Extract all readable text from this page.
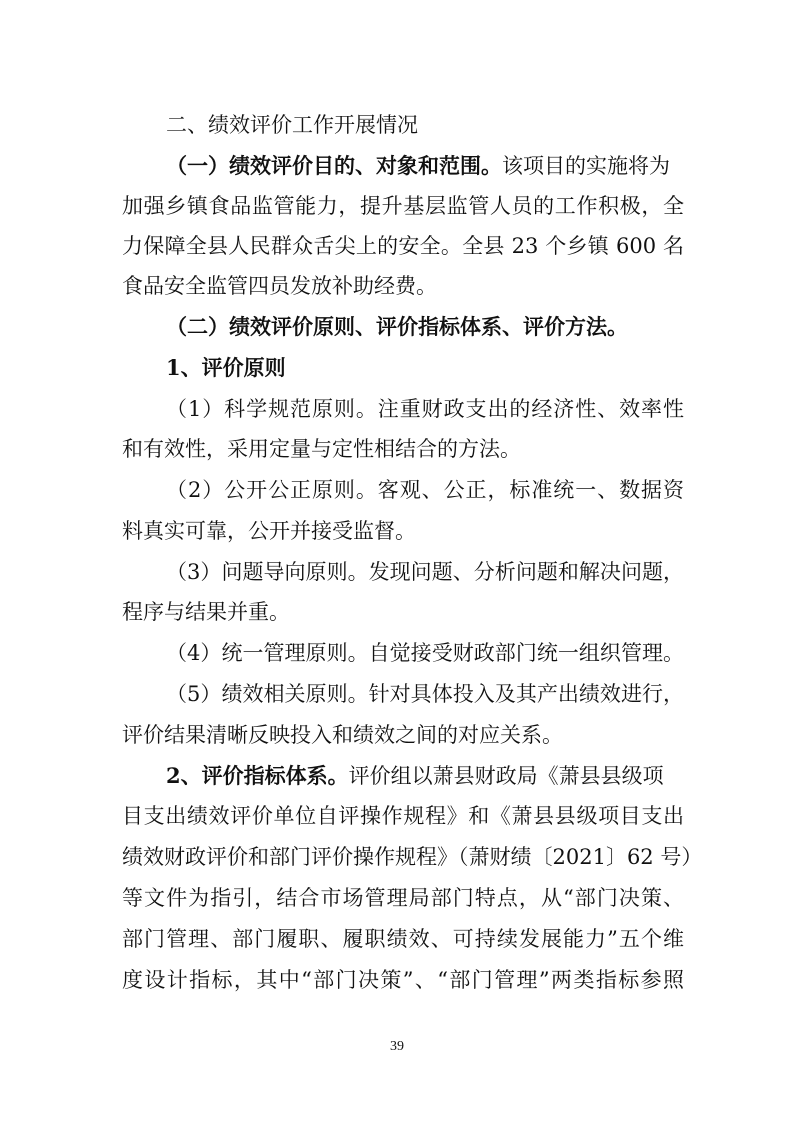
二、绩效评价工作开展情况
（一）绩效评价目的、对象和范围。该项目的实施将为
加强乡镇食品监管能力，提升基层监管人员的工作积极，全
力保障全县人民群众舌尖上的安全。全县 23 个乡镇 600 名
食品安全监管四员发放补助经费。
（二）绩效评价原则、评价指标体系、评价方法。
1、评价原则
（1）科学规范原则。注重财政支出的经济性、效率性
和有效性，采用定量与定性相结合的方法。
（2）公开公正原则。客观、公正，标准统一、数据资
料真实可靠，公开并接受监督。
（3）问题导向原则。发现问题、分析问题和解决问题，
程序与结果并重。
（4）统一管理原则。自觉接受财政部门统一组织管理。
（5）绩效相关原则。针对具体投入及其产出绩效进行，
评价结果清晰反映投入和绩效之间的对应关系。
2、评价指标体系。评价组以萧县财政局《萧县县级项
目支出绩效评价单位自评操作规程》和《萧县县级项目支出
绩效财政评价和部门评价操作规程》（萧财绩〔2021〕62 号）
等文件为指引，结合市场管理局部门特点，从“部门决策、
部门管理、部门履职、履职绩效、可持续发展能力”五个维
度设计指标，其中“部门决策”、“部门管理”两类指标参照
39
